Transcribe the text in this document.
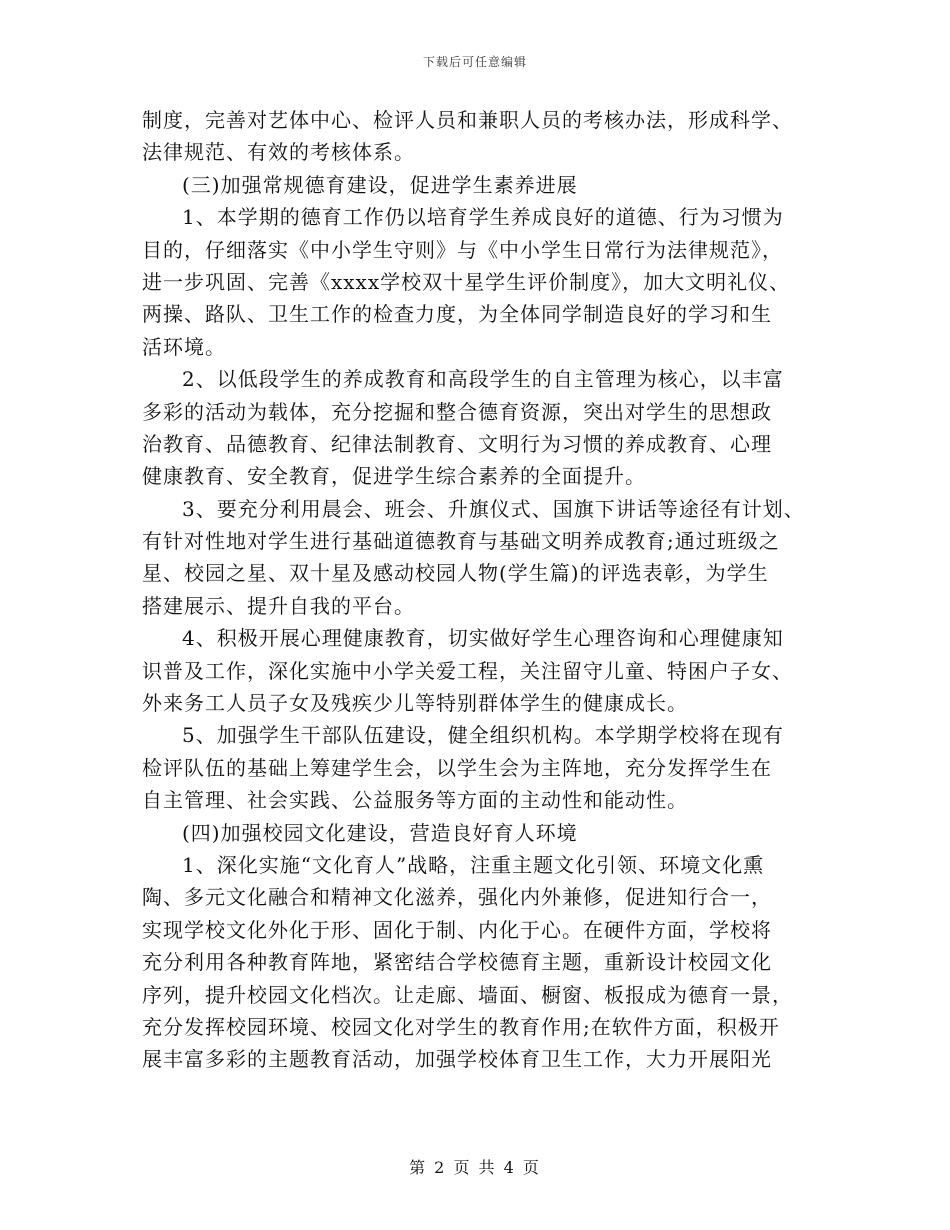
下载后可任意编辑
制度，完善对艺体中心、检评人员和兼职人员的考核办法，形成科学、
法律规范、有效的考核体系。
(三)加强常规德育建设，促进学生素养进展
1、本学期的德育工作仍以培育学生养成良好的道德、行为习惯为
目的，仔细落实《中小学生守则》与《中小学生日常行为法律规范》，
进一步巩固、完善《xxxx学校双十星学生评价制度》，加大文明礼仪、
两操、路队、卫生工作的检查力度，为全体同学制造良好的学习和生
活环境。
2、以低段学生的养成教育和高段学生的自主管理为核心，以丰富
多彩的活动为载体，充分挖掘和整合德育资源，突出对学生的思想政
治教育、品德教育、纪律法制教育、文明行为习惯的养成教育、心理
健康教育、安全教育，促进学生综合素养的全面提升。
3、要充分利用晨会、班会、升旗仪式、国旗下讲话等途径有计划、
有针对性地对学生进行基础道德教育与基础文明养成教育;通过班级之
星、校园之星、双十星及感动校园人物(学生篇)的评选表彰，为学生
搭建展示、提升自我的平台。
4、积极开展心理健康教育，切实做好学生心理咨询和心理健康知
识普及工作，深化实施中小学关爱工程，关注留守儿童、特困户子女、
外来务工人员子女及残疾少儿等特别群体学生的健康成长。
5、加强学生干部队伍建设，健全组织机构。本学期学校将在现有
检评队伍的基础上筹建学生会，以学生会为主阵地，充分发挥学生在
自主管理、社会实践、公益服务等方面的主动性和能动性。
(四)加强校园文化建设，营造良好育人环境
1、深化实施“文化育人”战略，注重主题文化引领、环境文化熏
陶、多元文化融合和精神文化滋养，强化内外兼修，促进知行合一，
实现学校文化外化于形、固化于制、内化于心。在硬件方面，学校将
充分利用各种教育阵地，紧密结合学校德育主题，重新设计校园文化
序列，提升校园文化档次。让走廊、墙面、橱窗、板报成为德育一景，
充分发挥校园环境、校园文化对学生的教育作用;在软件方面，积极开
展丰富多彩的主题教育活动，加强学校体育卫生工作，大力开展阳光
第 2 页 共 4 页
